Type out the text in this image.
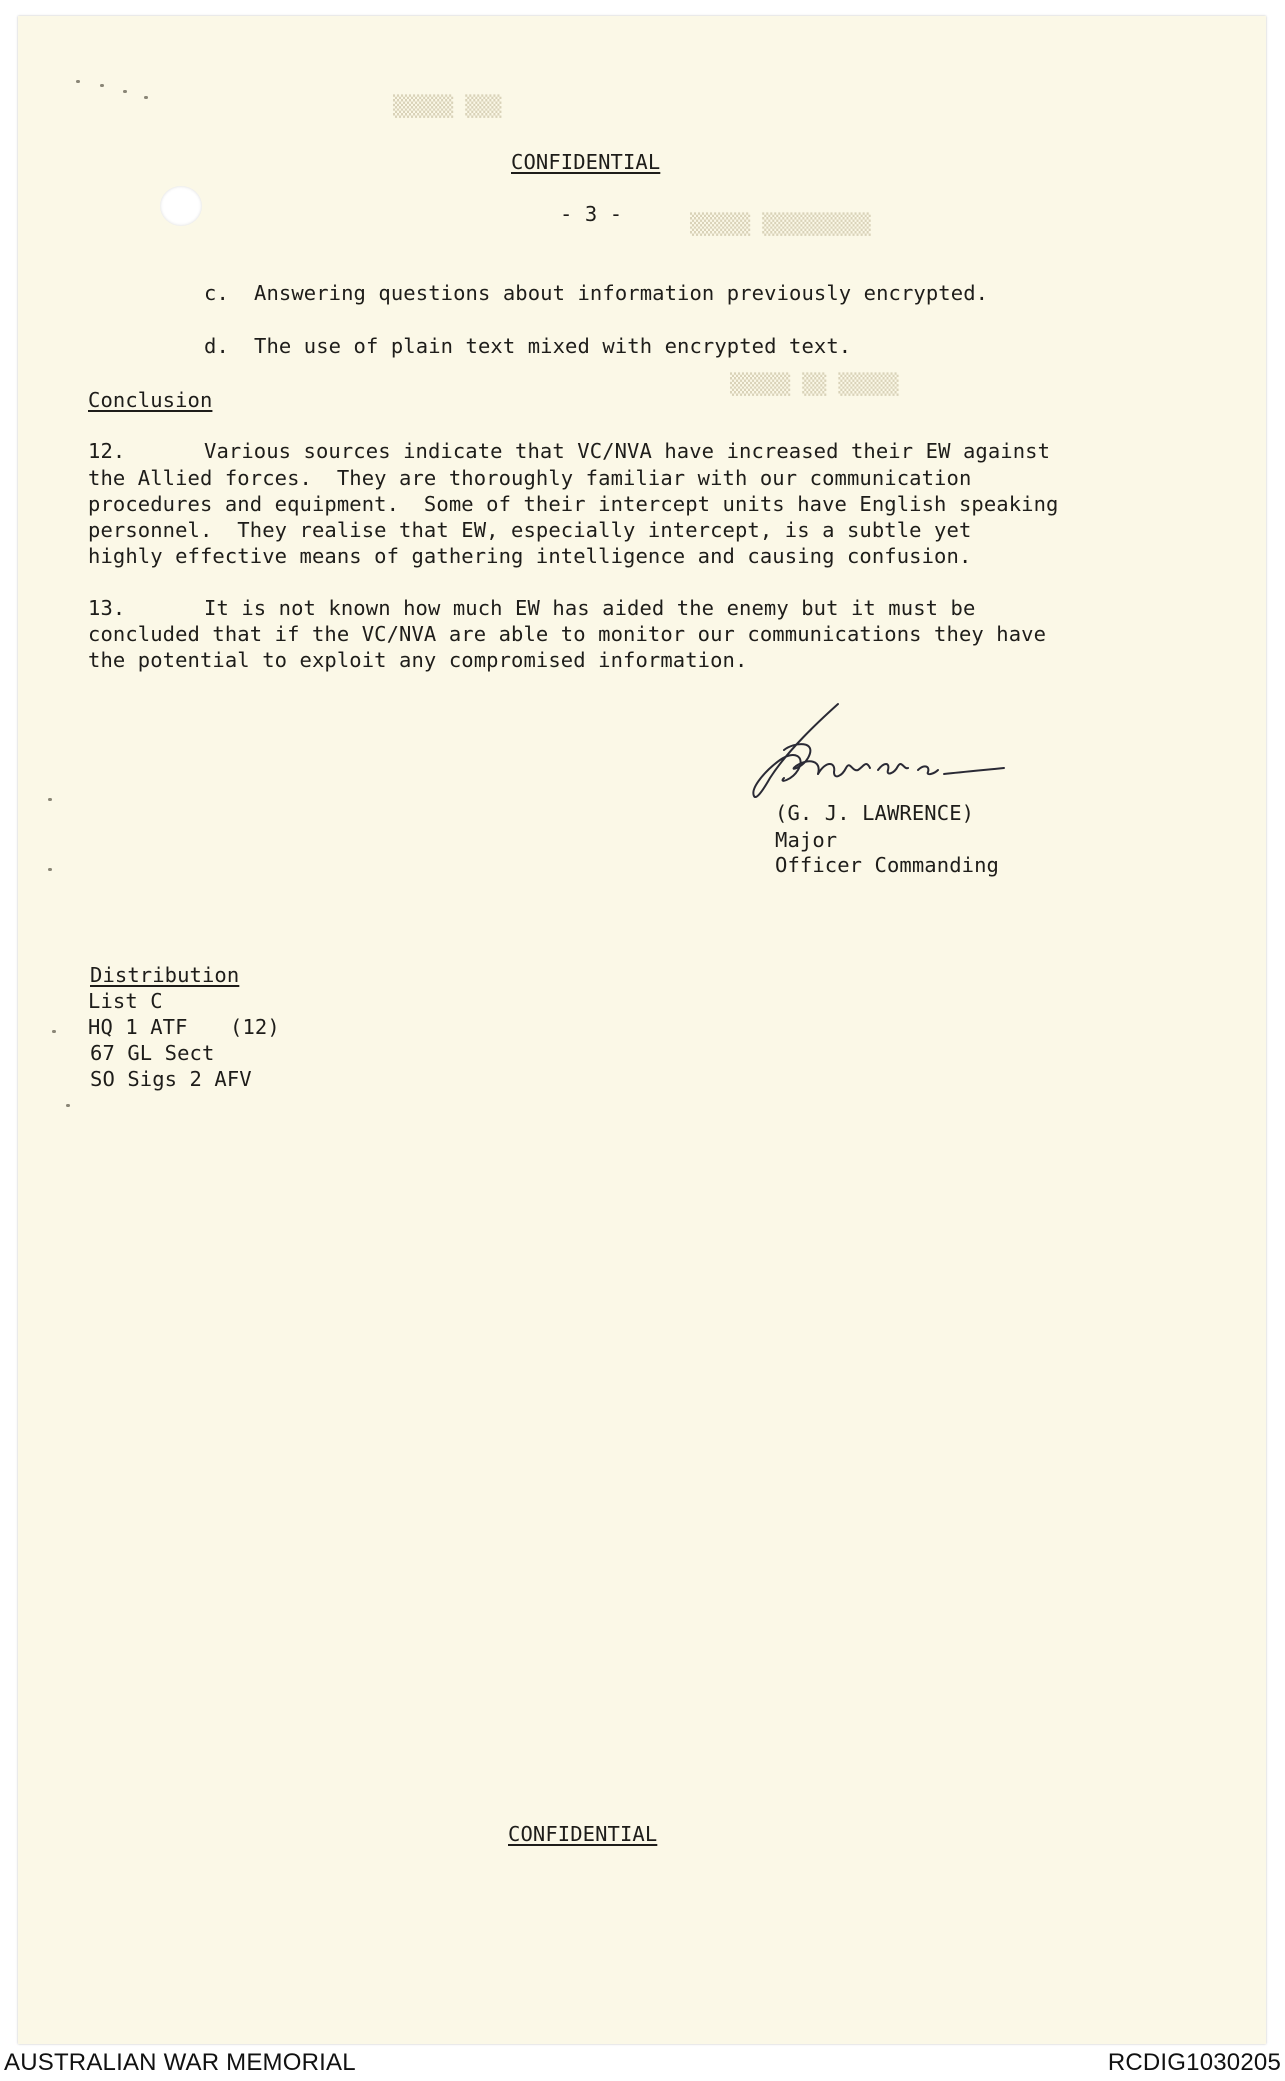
▒▒▒▒▒ ▒▒▒
▒▒▒▒▒ ▒▒ ▒▒▒▒▒
▒▒▒▒▒ ▒▒▒▒▒▒▒▒▒
CONFIDENTIAL
- 3 -
c. Answering questions about information previously encrypted.
d. The use of plain text mixed with encrypted text.
Conclusion
12.	Various sources indicate that VC/NVA have increased their EW against
the Allied forces.  They are thoroughly familiar with our communication
procedures and equipment.  Some of their intercept units have English speaking
personnel.  They realise that EW, especially intercept, is a subtle yet
highly effective means of gathering intelligence and causing confusion.
13.	It is not known how much EW has aided the enemy but it must be
concluded that if the VC/NVA are able to monitor our communications they have
the potential to exploit any compromised information.
(G. J. LAWRENCE)
Major
Officer Commanding
Distribution
List C
HQ 1 ATF (12)
67 GL Sect
SO Sigs 2 AFV
CONFIDENTIAL
AUSTRALIAN WAR MEMORIAL	RCDIG1030205
